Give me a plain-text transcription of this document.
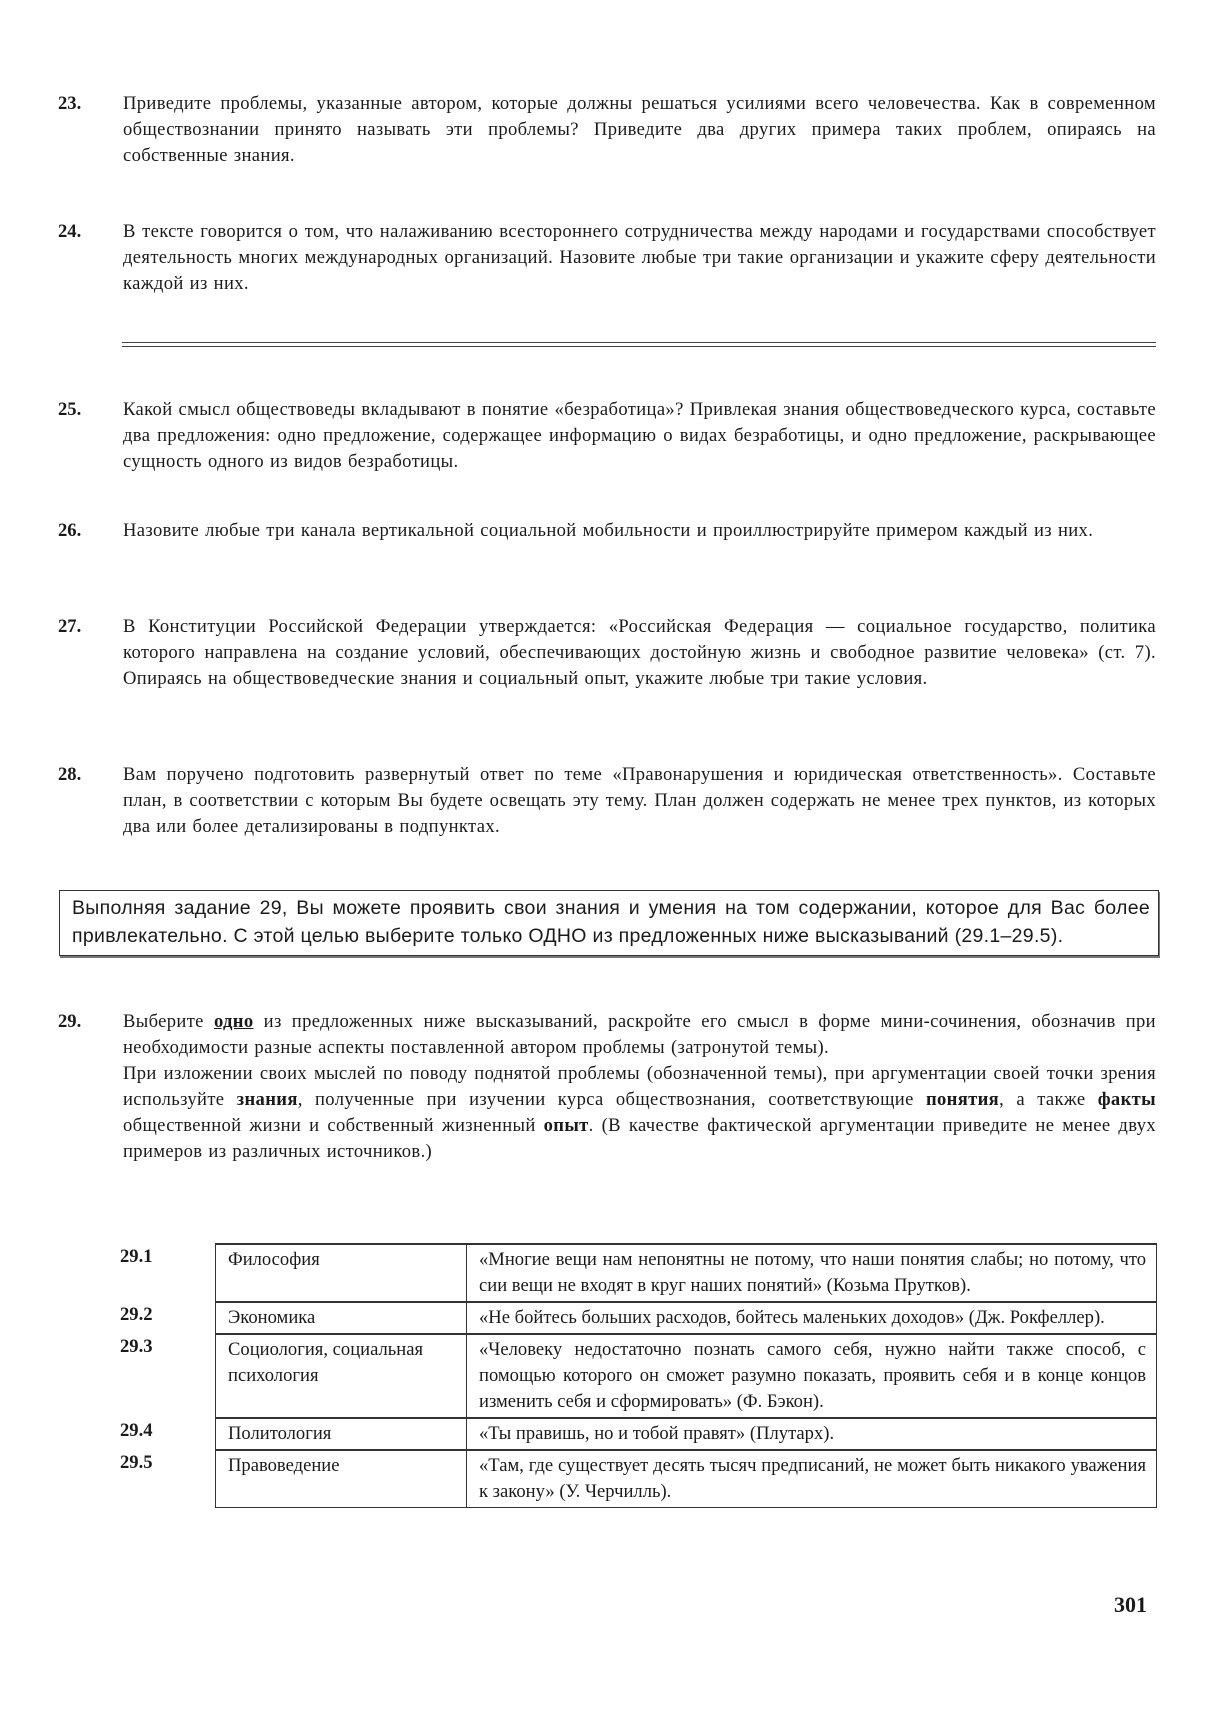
23. Приведите проблемы, указанные автором, которые должны решаться усилиями всего человечества. Как в современном обществознании принято называть эти проблемы? Приведите два других примера таких проблем, опираясь на собственные знания.
24. В тексте говорится о том, что налаживанию всестороннего сотрудничества между народами и государствами способствует деятельность многих международных организаций. Назовите любые три такие организации и укажите сферу деятельности каждой из них.
25. Какой смысл обществоведы вкладывают в понятие «безработица»? Привлекая знания обществоведческого курса, составьте два предложения: одно предложение, содержащее информацию о видах безработицы, и одно предложение, раскрывающее сущность одного из видов безработицы.
26. Назовите любые три канала вертикальной социальной мобильности и проиллюстрируйте примером каждый из них.
27. В Конституции Российской Федерации утверждается: «Российская Федерация — социальное государство, политика которого направлена на создание условий, обеспечивающих достойную жизнь и свободное развитие человека» (ст. 7). Опираясь на обществоведческие знания и социальный опыт, укажите любые три такие условия.
28. Вам поручено подготовить развернутый ответ по теме «Правонарушения и юридическая ответственность». Составьте план, в соответствии с которым Вы будете освещать эту тему. План должен содержать не менее трех пунктов, из которых два или более детализированы в подпунктах.
Выполняя задание 29, Вы можете проявить свои знания и умения на том содержании, которое для Вас более привлекательно. С этой целью выберите только ОДНО из предложенных ниже высказываний (29.1–29.5).
29. Выберите одно из предложенных ниже высказываний, раскройте его смысл в форме мини-сочинения, обозначив при необходимости разные аспекты поставленной автором проблемы (затронутой темы).
При изложении своих мыслей по поводу поднятой проблемы (обозначенной темы), при аргументации своей точки зрения используйте знания, полученные при изучении курса обществознания, соответствующие понятия, а также факты общественной жизни и собственный жизненный опыт. (В качестве фактической аргументации приведите не менее двух примеров из различных источников.)
29.1	Философия	«Многие вещи нам непонятны не потому, что наши понятия слабы; но потому, что сии вещи не входят в круг наших понятий» (Козьма Прутков).
29.2	Экономика	«Не бойтесь больших расходов, бойтесь маленьких доходов» (Дж. Рокфеллер).
29.3	Социология, социальная психология	«Человеку недостаточно познать самого себя, нужно найти также способ, с помощью которого он сможет разумно показать, проявить себя и в конце концов изменить себя и сформировать» (Ф. Бэкон).
29.4	Политология	«Ты правишь, но и тобой правят» (Плутарх).
29.5	Правоведение	«Там, где существует десять тысяч предписаний, не может быть никакого уважения к закону» (У. Черчилль).
301
